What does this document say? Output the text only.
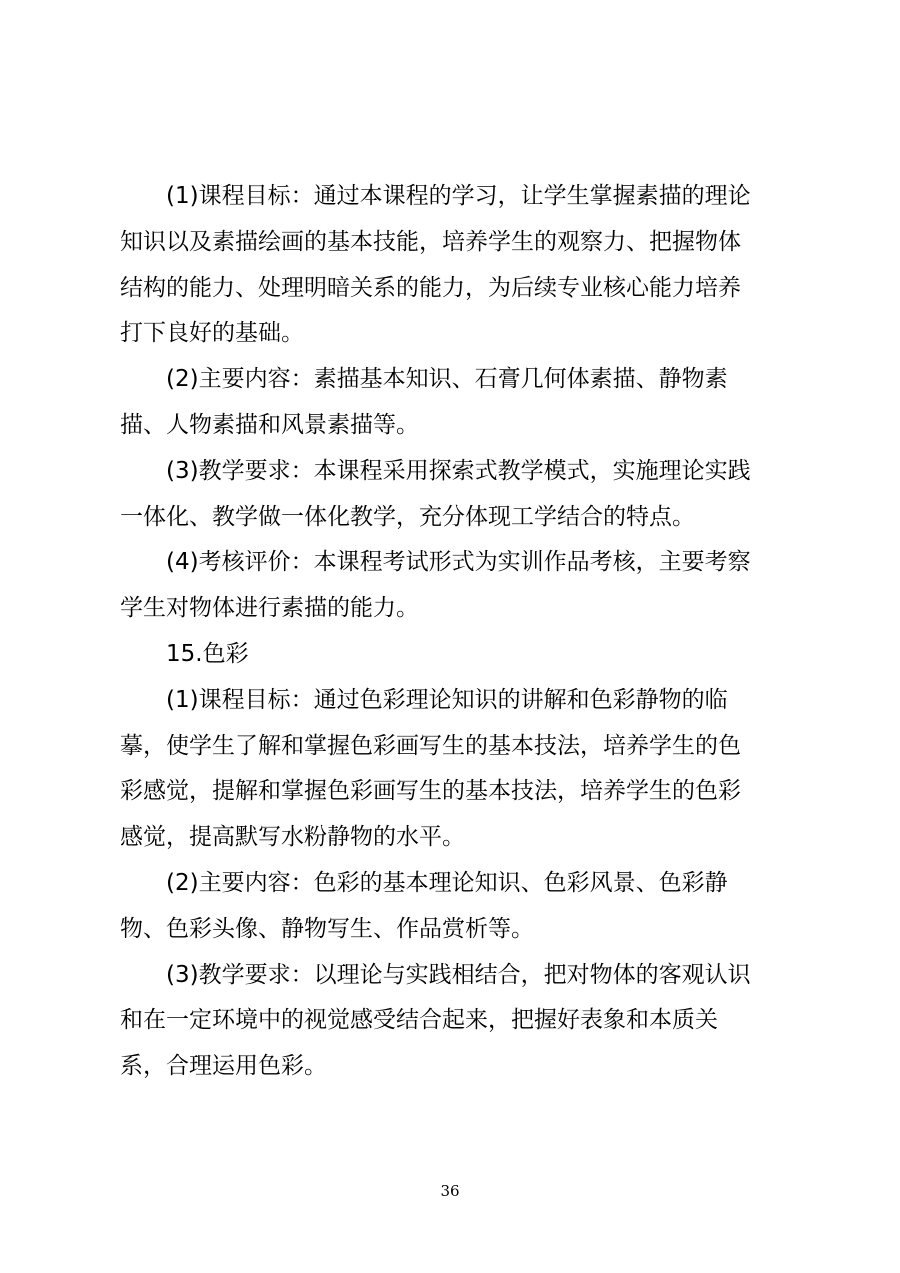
(1)课程目标：通过本课程的学习，让学生掌握素描的理论
知识以及素描绘画的基本技能，培养学生的观察力、把握物体
结构的能力、处理明暗关系的能力，为后续专业核心能力培养
打下良好的基础。
(2)主要内容：素描基本知识、石膏几何体素描、静物素
描、人物素描和风景素描等。
(3)教学要求：本课程采用探索式教学模式，实施理论实践
一体化、教学做一体化教学，充分体现工学结合的特点。
(4)考核评价：本课程考试形式为实训作品考核，主要考察
学生对物体进行素描的能力。
15.色彩
(1)课程目标：通过色彩理论知识的讲解和色彩静物的临
摹，使学生了解和掌握色彩画写生的基本技法，培养学生的色
彩感觉，提解和掌握色彩画写生的基本技法，培养学生的色彩
感觉，提高默写水粉静物的水平。
(2)主要内容：色彩的基本理论知识、色彩风景、色彩静
物、色彩头像、静物写生、作品赏析等。
(3)教学要求：以理论与实践相结合，把对物体的客观认识
和在一定环境中的视觉感受结合起来，把握好表象和本质关
系，合理运用色彩。
36
